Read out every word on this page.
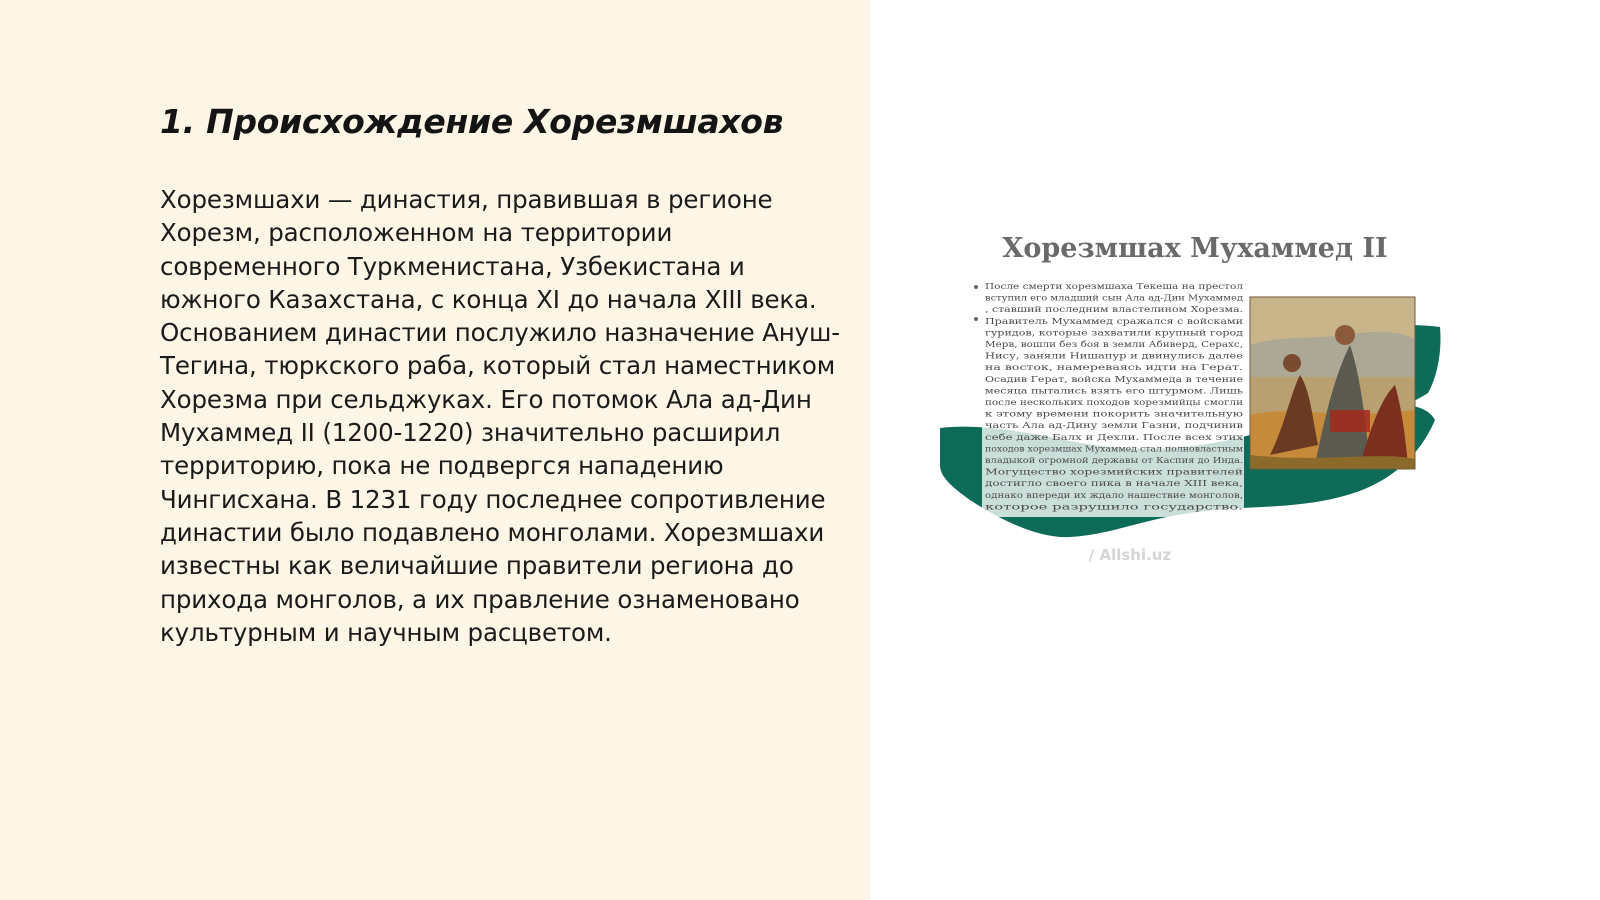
1. Происхождение Хорезмшахов

Хорезмшахи — династия, правившая в регионе Хорезм, расположенном на территории современного Туркменистана, Узбекистана и южного Казахстана, с конца XI до начала XIII века. Основанием династии послужило назначение Ануш-Тегина, тюркского раба, который стал наместником Хорезма при сельджуках. Его потомок Ала ад-Дин Мухаммед II (1200-1220) значительно расширил территорию, пока не подвергся нападению Чингисхана. В 1231 году последнее сопротивление династии было подавлено монголами. Хорезмшахи известны как величайшие правители региона до прихода монголов, а их правление ознаменовано культурным и научным расцветом.

Хорезмшах Мухаммед II
После смерти хорезмшаха Текеша на престол
вступил его младший сын Ала ад-Дин Мухаммед
, ставший последним властелином Хорезма.
Правитель Мухаммед сражался с войсками
гуридов, которые захватили крупный город
Мерв, вошли без боя в земли Абиверд, Серахс,
Нису, заняли Нишапур и двинулись далее
на восток, намереваясь идти на Герат.
Осадив Герат, войска Мухаммеда в течение
месяца пытались взять его штурмом. Лишь
после нескольких походов хорезмийцы смогли
к этому времени покорить значительную
часть Ала ад-Дину земли Газни, подчинив
себе даже Балх и Дехли. После всех этих
походов хорезмшах Мухаммед стал полновластным
владыкой огромной державы от Каспия до Инда.
Могущество хорезмийских правителей
достигло своего пика в начале XIII века,
однако впереди их ждало нашествие монголов,
которое разрушило государство.
/ Allshi.uz
